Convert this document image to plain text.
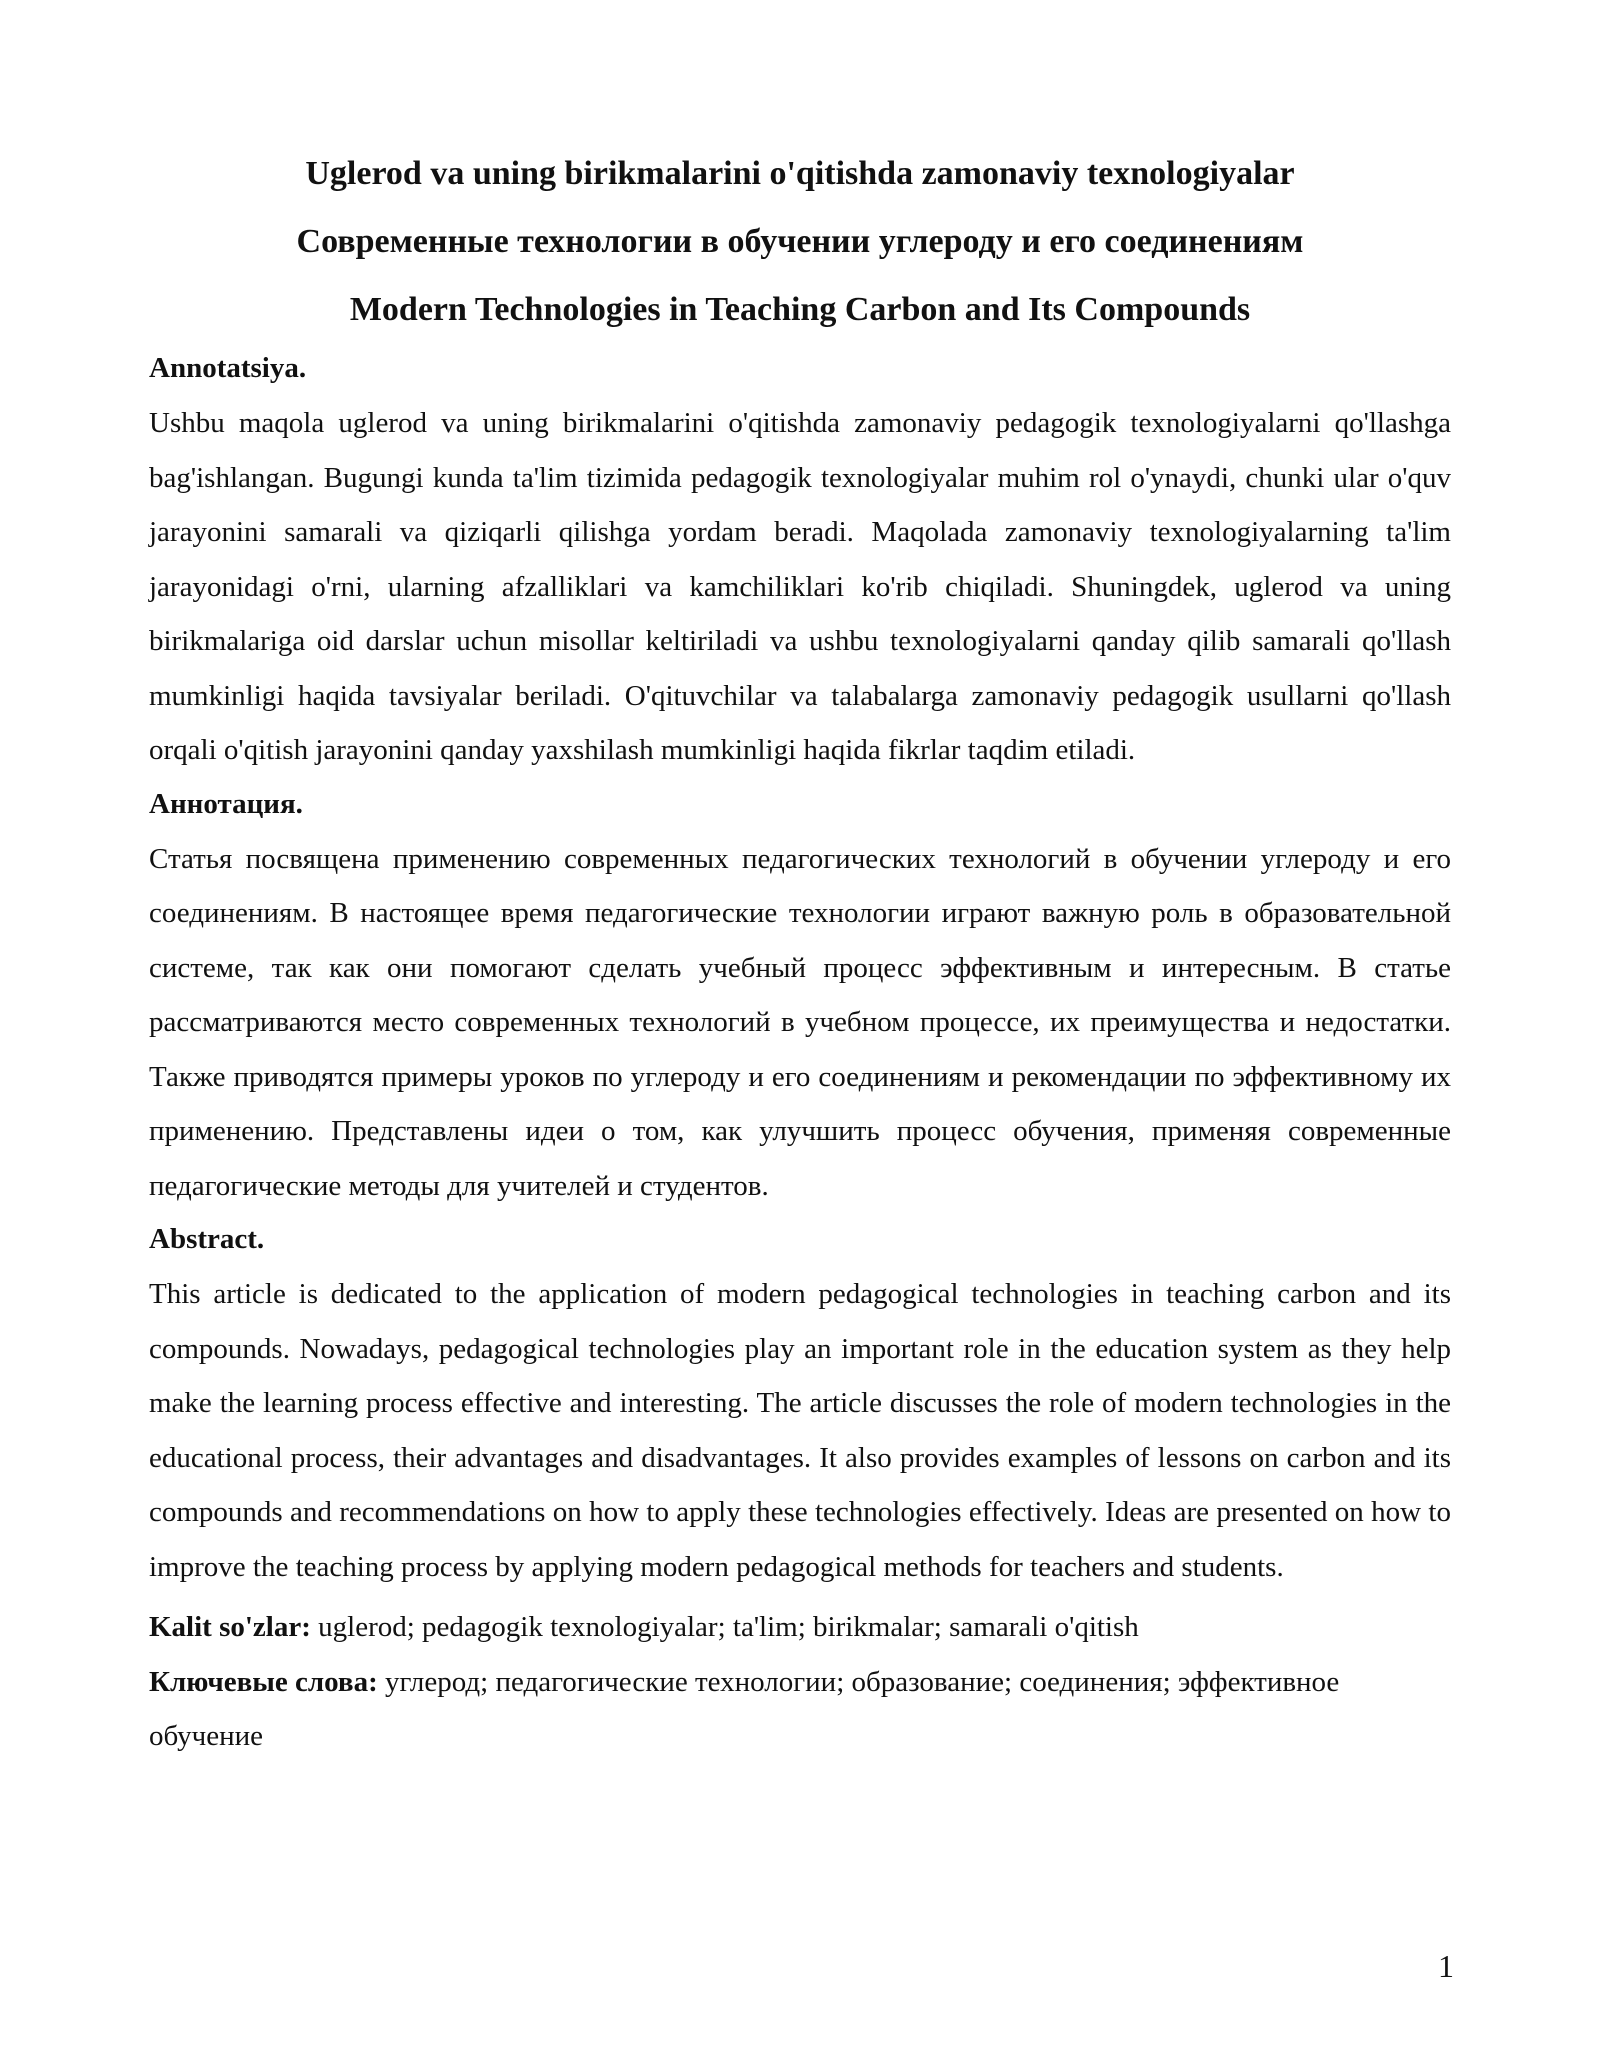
Uglerod va uning birikmalarini o'qitishda zamonaviy texnologiyalar
Современные технологии в обучении углероду и его соединениям
Modern Technologies in Teaching Carbon and Its Compounds
Annotatsiya.

Ushbu maqola uglerod va uning birikmalarini o'qitishda zamonaviy pedagogik texnologiyalarni qo'llashga bag'ishlangan. Bugungi kunda ta'lim tizimida pedagogik texnologiyalar muhim rol o'ynaydi, chunki ular o'quv jarayonini samarali va qiziqarli qilishga yordam beradi. Maqolada zamonaviy texnologiyalarning ta'lim jarayonidagi o'rni, ularning afzalliklari va kamchiliklari ko'rib chiqiladi. Shuningdek, uglerod va uning birikmalariga oid darslar uchun misollar keltiriladi va ushbu texnologiyalarni qanday qilib samarali qo'llash mumkinligi haqida tavsiyalar beriladi. O'qituvchilar va talabalarga zamonaviy pedagogik usullarni qo'llash orqali o'qitish jarayonini qanday yaxshilash mumkinligi haqida fikrlar taqdim etiladi.

Аннотация.

Статья посвящена применению современных педагогических технологий в обучении углероду и его соединениям. В настоящее время педагогические технологии играют важную роль в образовательной системе, так как они помогают сделать учебный процесс эффективным и интересным. В статье рассматриваются место современных технологий в учебном процессе, их преимущества и недостатки. Также приводятся примеры уроков по углероду и его соединениям и рекомендации по эффективному их применению. Представлены идеи о том, как улучшить процесс обучения, применяя современные педагогические методы для учителей и студентов.

Abstract.

This article is dedicated to the application of modern pedagogical technologies in teaching carbon and its compounds. Nowadays, pedagogical technologies play an important role in the education system as they help make the learning process effective and interesting. The article discusses the role of modern technologies in the educational process, their advantages and disadvantages. It also provides examples of lessons on carbon and its compounds and recommendations on how to apply these technologies effectively. Ideas are presented on how to improve the teaching process by applying modern pedagogical methods for teachers and students.

Kalit so'zlar: uglerod; pedagogik texnologiyalar; ta'lim; birikmalar; samarali o'qitish

Ключевые слова: углерод; педагогические технологии; образование; соединения; эффективное обучение

1
